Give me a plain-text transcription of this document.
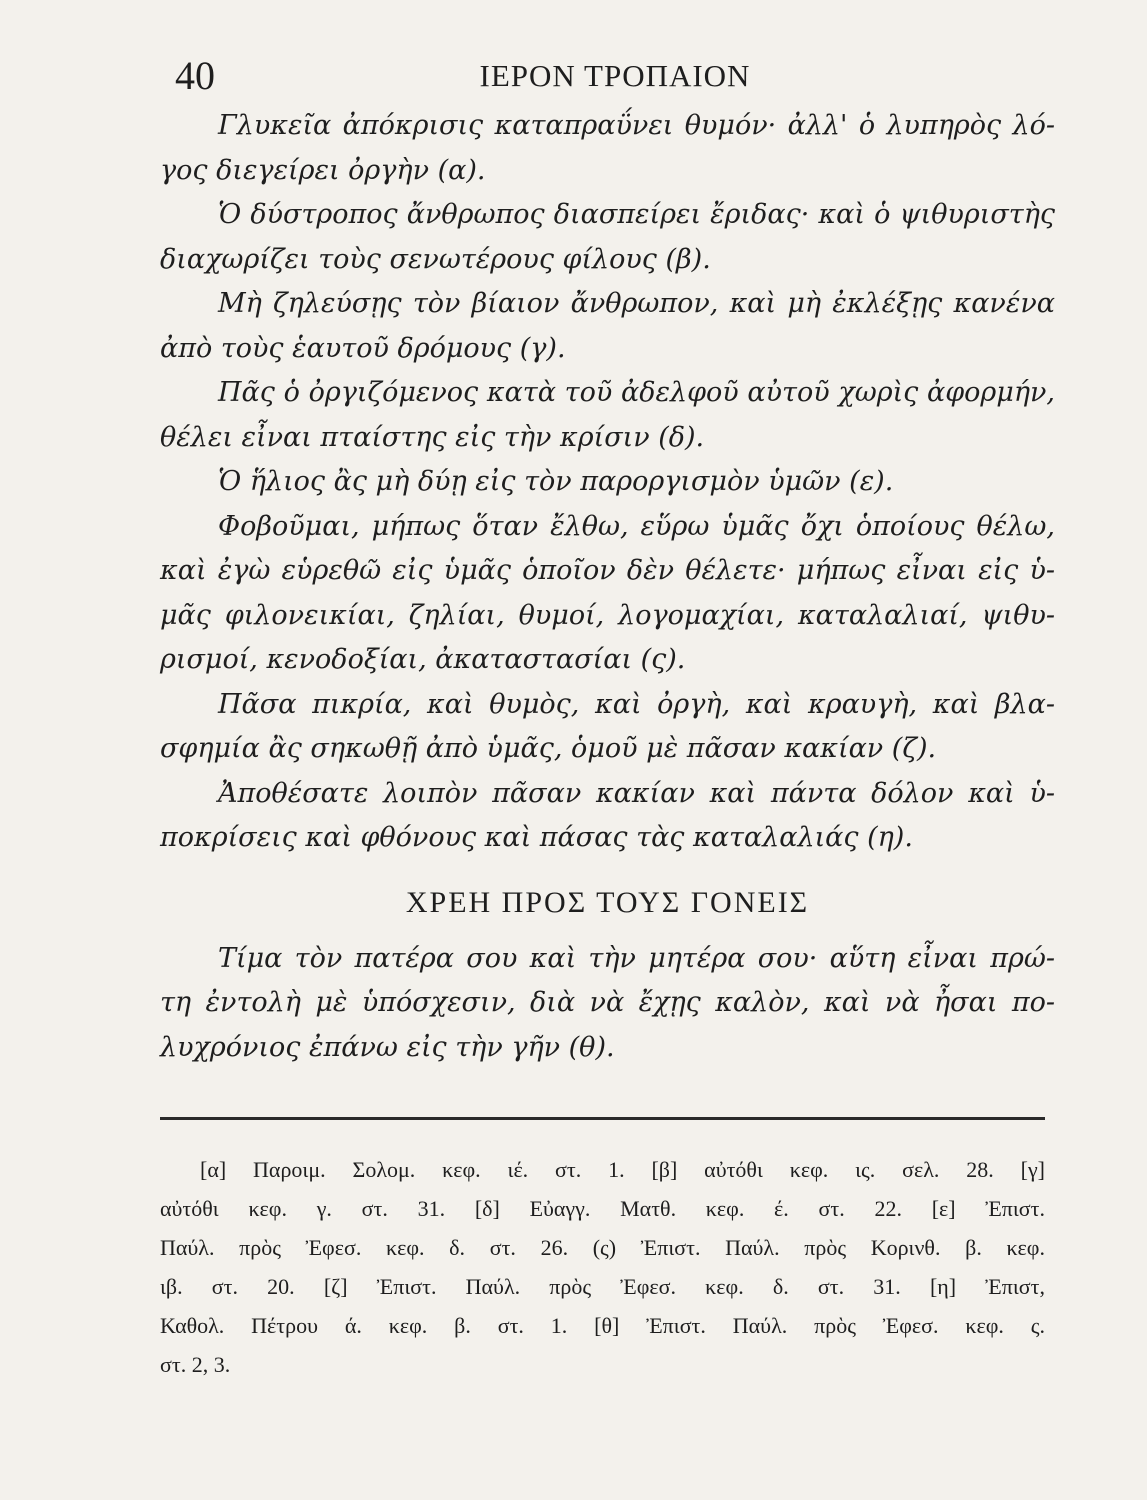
40	ΙΕΡΟΝ ΤΡΟΠΑΙΟΝ
Γλυκεῖα ἀπόκρισις καταπραΰνει θυμόν· ἀλλ' ὁ λυπηρὸς λό-
γος διεγείρει ὀργὴν (α).
Ὁ δύστροπος ἄνθρωπος διασπείρει ἔριδας· καὶ ὁ ψιθυριστὴς
διαχωρίζει τοὺς σενωτέρους φίλους (β).
Μὴ ζηλεύσῃς τὸν βίαιον ἄνθρωπον, καὶ μὴ ἐκλέξῃς κανένα
ἀπὸ τοὺς ἑαυτοῦ δρόμους (γ).
Πᾶς ὁ ὀργιζόμενος κατὰ τοῦ ἀδελφοῦ αὐτοῦ χωρὶς ἀφορμήν,
θέλει εἶναι πταίστης εἰς τὴν κρίσιν (δ).
Ὁ ἥλιος ἂς μὴ δύῃ εἰς τὸν παροργισμὸν ὑμῶν (ε).
Φοβοῦμαι, μήπως ὅταν ἔλθω, εὕρω ὑμᾶς ὄχι ὁποίους θέλω,
καὶ ἐγὼ εὑρεθῶ εἰς ὑμᾶς ὁποῖον δὲν θέλετε· μήπως εἶναι εἰς ὑ-
μᾶς φιλονεικίαι, ζηλίαι, θυμοί, λογομαχίαι, καταλαλιαί, ψιθυ-
ρισμοί, κενοδοξίαι, ἀκαταστασίαι (ς).
Πᾶσα πικρία, καὶ θυμὸς, καὶ ὀργὴ, καὶ κραυγὴ, καὶ βλα-
σφημία ἂς σηκωθῇ ἀπὸ ὑμᾶς, ὁμοῦ μὲ πᾶσαν κακίαν (ζ).
Ἀποθέσατε λοιπὸν πᾶσαν κακίαν καὶ πάντα δόλον καὶ ὑ-
ποκρίσεις καὶ φθόνους καὶ πάσας τὰς καταλαλιάς (η).
ΧΡΕΗ ΠΡΟΣ ΤΟΥΣ ΓΟΝΕΙΣ
Τίμα τὸν πατέρα σου καὶ τὴν μητέρα σου· αὕτη εἶναι πρώ-
τη ἐντολὴ μὲ ὑπόσχεσιν, διὰ νὰ ἔχῃς καλὸν, καὶ νὰ ἦσαι πο-
λυχρόνιος ἐπάνω εἰς τὴν γῆν (θ).
[α] Παροιμ. Σολομ. κεφ. ιέ. στ. 1. [β] αὐτόθι κεφ. ις. σελ. 28. [γ]
αὐτόθι κεφ. γ. στ. 31. [δ] Εὐαγγ. Ματθ. κεφ. έ. στ. 22. [ε] Ἐπιστ.
Παύλ. πρὸς Ἐφεσ. κεφ. δ. στ. 26. (ς) Ἐπιστ. Παύλ. πρὸς Κορινθ. β. κεφ.
ιβ. στ. 20. [ζ] Ἐπιστ. Παύλ. πρὸς Ἐφεσ. κεφ. δ. στ. 31. [η] Ἐπιστ,
Καθολ. Πέτρου ά. κεφ. β. στ. 1. [θ] Ἐπιστ. Παύλ. πρὸς Ἐφεσ. κεφ. ς.
στ. 2, 3.
